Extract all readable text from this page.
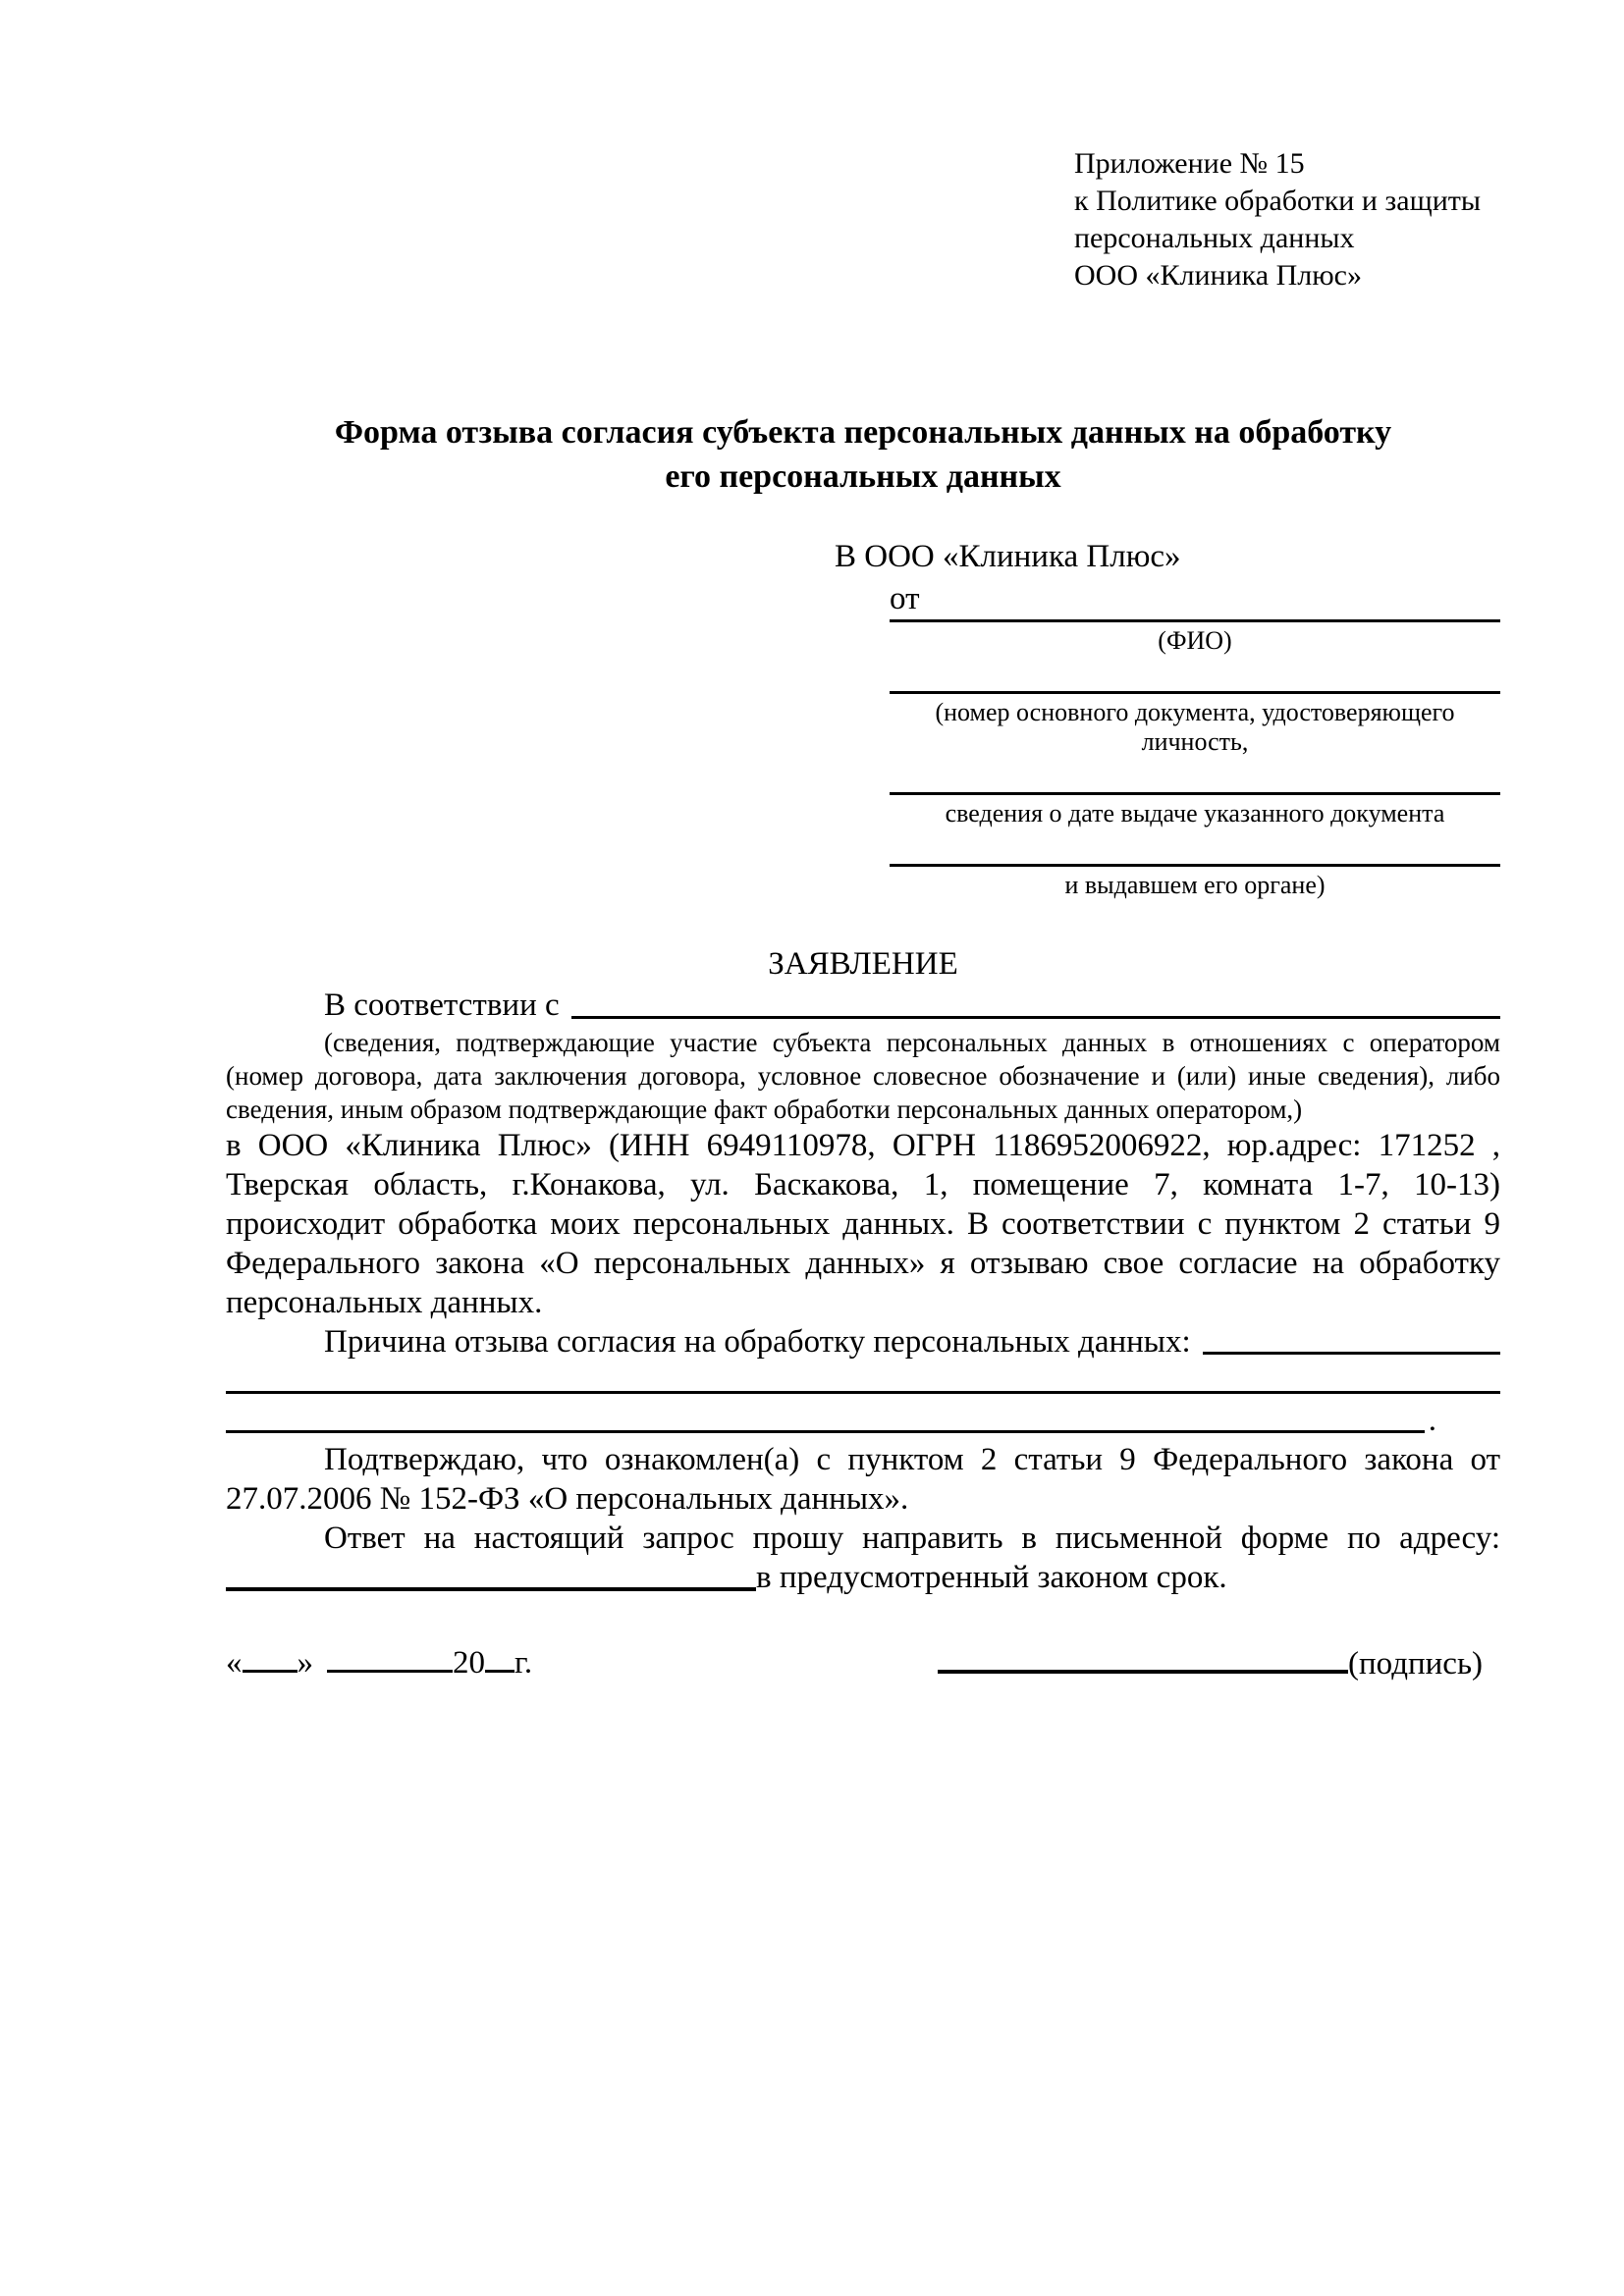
Приложение № 15
к Политике обработки и защиты
персональных данных
ООО «Клиника Плюс»
Форма отзыва согласия субъекта персональных данных на обработку
его персональных данных
В ООО «Клиника Плюс»
от
(ФИО)
(номер основного документа, удостоверяющего личность,
сведения о дате выдаче указанного документа
и выдавшем его органе)
ЗАЯВЛЕНИЕ
В соответствии с

(сведения, подтверждающие участие субъекта персональных данных в отношениях с оператором (номер договора, дата заключения договора, условное словесное обозначение и (или) иные сведения), либо сведения, иным образом подтверждающие факт обработки персональных данных оператором,)

в ООО «Клиника Плюс» (ИНН 6949110978, ОГРН 1186952006922, юр.адрес: 171252 , Тверская область, г.Конакова, ул. Баскакова, 1, помещение 7, комната 1-7, 10-13) происходит обработка моих персональных данных. В соответствии с пунктом 2 статьи 9 Федерального закона «О персональных данных» я отзываю свое согласие на обработку персональных данных.

Причина отзыва согласия на обработку персональных данных:
.

Подтверждаю, что ознакомлен(а) с пунктом 2 статьи 9 Федерального закона от 27.07.2006 № 152-ФЗ «О персональных данных».

Ответ на настоящий запрос прошу направить в письменной форме по адресу:

в предусмотренный законом срок.
« »	20 г.	(подпись)
